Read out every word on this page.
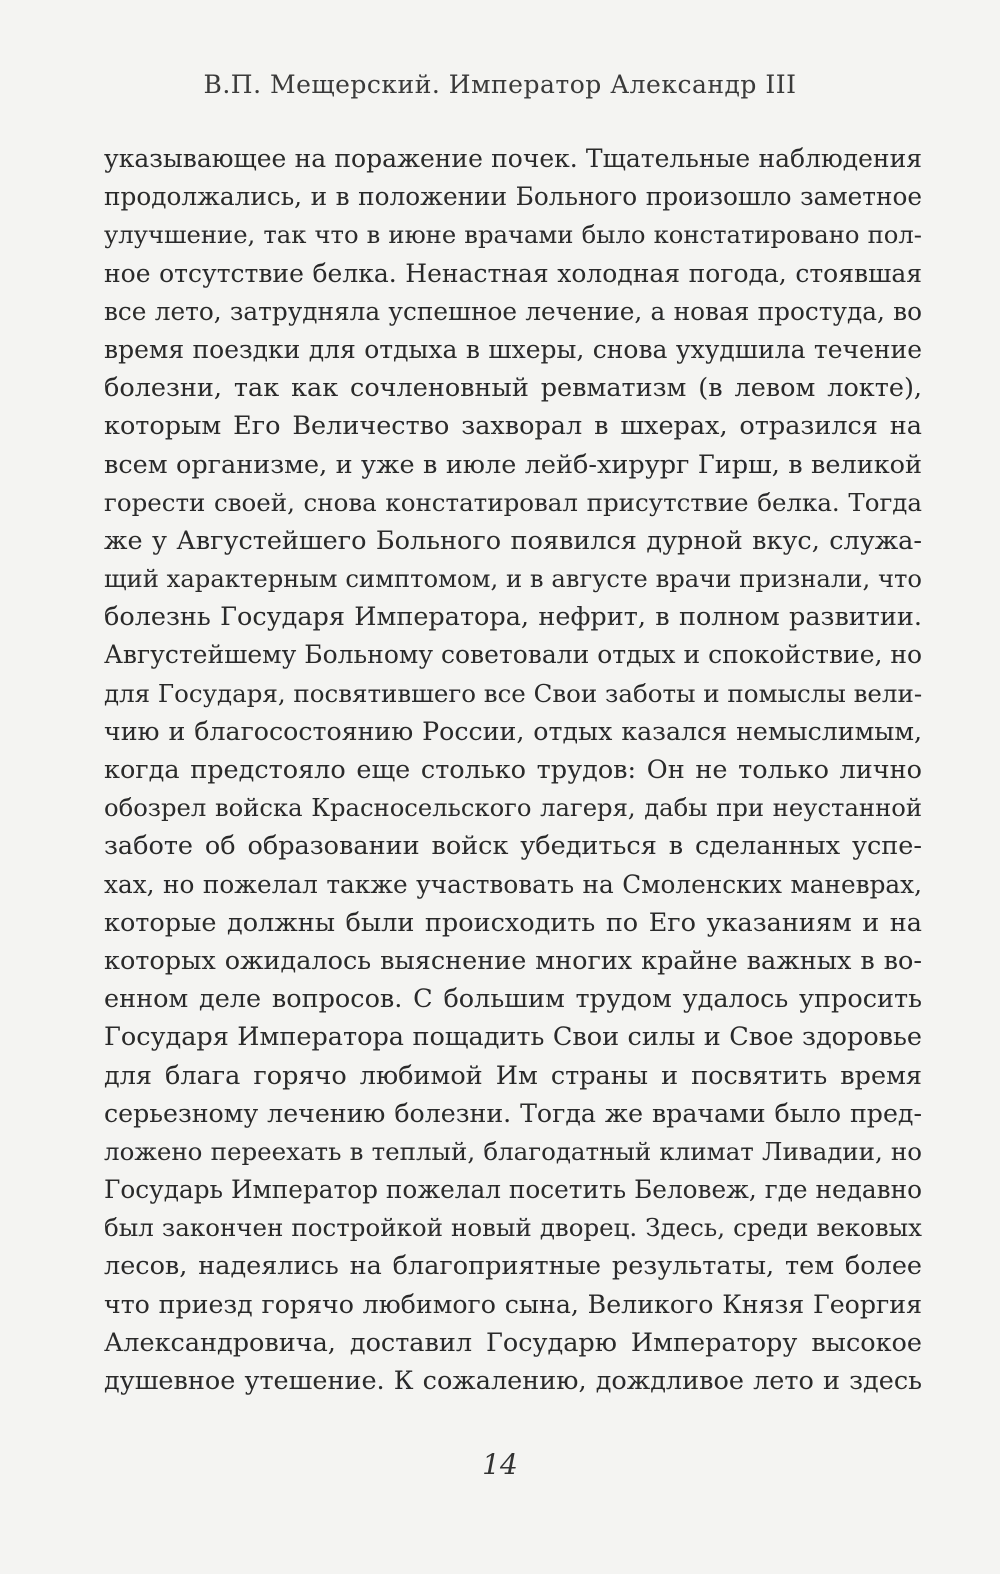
В.П. Мещерский. Император Александр III
указывающее на поражение почек. Тщательные наблюдения
продолжались, и в положении Больного произошло заметное
улучшение, так что в июне врачами было констатировано пол-
ное отсутствие белка. Ненастная холодная погода, стоявшая
все лето, затрудняла успешное лечение, а новая простуда, во
время поездки для отдыха в шхеры, снова ухудшила течение
болезни, так как сочленовный ревматизм (в левом локте),
которым Его Величество захворал в шхерах, отразился на
всем организме, и уже в июле лейб-хирург Гирш, в великой
горести своей, снова констатировал присутствие белка. Тогда
же у Августейшего Больного появился дурной вкус, служа-
щий характерным симптомом, и в августе врачи признали, что
болезнь Государя Императора, нефрит, в полном развитии.
Августейшему Больному советовали отдых и спокойствие, но
для Государя, посвятившего все Свои заботы и помыслы вели-
чию и благосостоянию России, отдых казался немыслимым,
когда предстояло еще столько трудов: Он не только лично
обозрел войска Красносельского лагеря, дабы при неустанной
заботе об образовании войск убедиться в сделанных успе-
хах, но пожелал также участвовать на Смоленских маневрах,
которые должны были происходить по Его указаниям и на
которых ожидалось выяснение многих крайне важных в во-
енном деле вопросов. С большим трудом удалось упросить
Государя Императора пощадить Свои силы и Свое здоровье
для блага горячо любимой Им страны и посвятить время
серьезному лечению болезни. Тогда же врачами было пред-
ложено переехать в теплый, благодатный климат Ливадии, но
Государь Император пожелал посетить Беловеж, где недавно
был закончен постройкой новый дворец. Здесь, среди вековых
лесов, надеялись на благоприятные результаты, тем более
что приезд горячо любимого сына, Великого Князя Георгия
Александровича, доставил Государю Императору высокое
душевное утешение. К сожалению, дождливое лето и здесь
14
